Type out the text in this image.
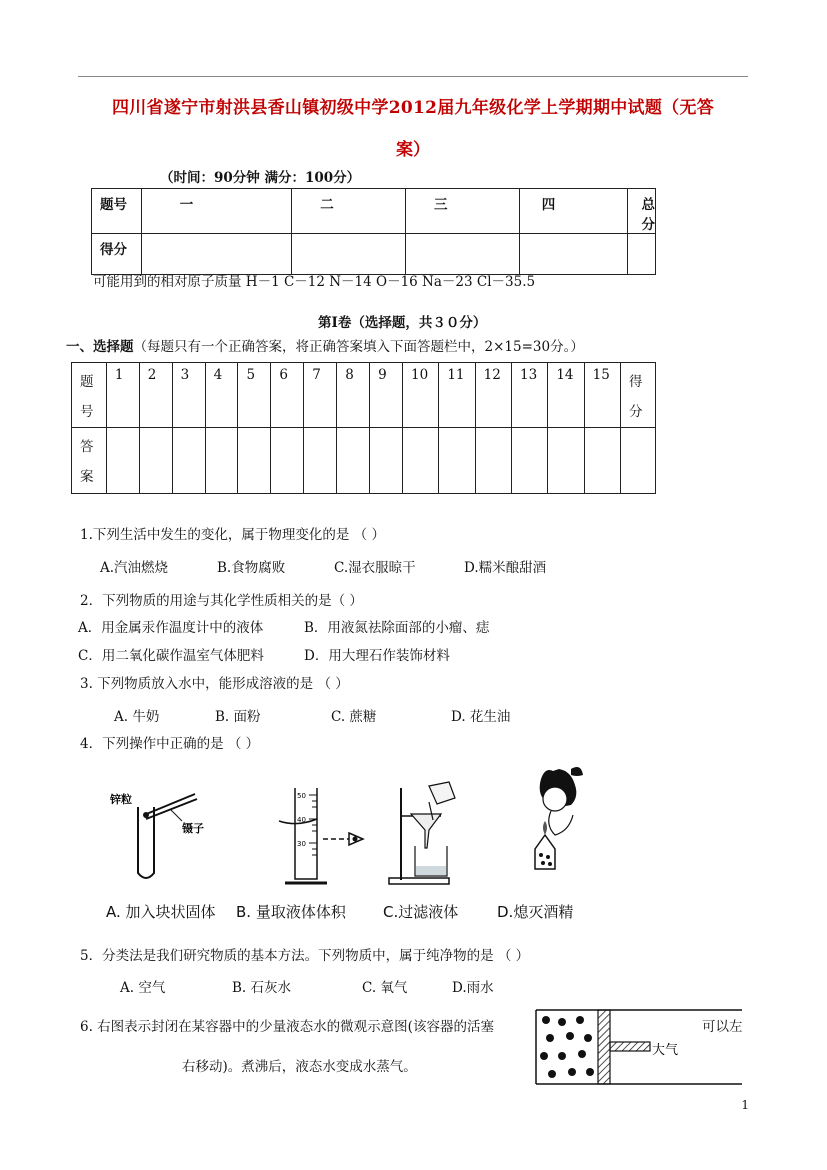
四川省遂宁市射洪县香山镇初级中学2012届九年级化学上学期期中试题（无答
案）
（时间：90分钟 满分：100分）
题号	一	二	三	四	总分
得分					
可能用到的相对原子质量 H－1 C－12 N－14 O－16 Na－23 Cl－35.5
第Ⅰ卷（选择题，共３０分）
一、选择题（每题只有一个正确答案，将正确答案填入下面答题栏中，2×15=30分。）
题
号	1	2	3	4	5	6	7	8	9	10	11	12	13	14	15	得
分
答
案																
1.下列生活中发生的变化，属于物理变化的是 （ ）
A.汽油燃烧	B.食物腐败	C.湿衣服晾干	D.糯米酿甜酒
2．下列物质的用途与其化学性质相关的是（ ）
A．用金属汞作温度计中的液体	B．用液氮祛除面部的小瘤、痣
C．用二氧化碳作温室气体肥料	D．用大理石作装饰材料
3. 下列物质放入水中，能形成溶液的是 （ ）
A. 牛奶	B. 面粉	C. 蔗糖	D. 花生油
4．下列操作中正确的是 （ ）
锌粒
镊子
50
40
30
A. 加入块状固体 B. 量取液体体积 C.过滤液体	D.熄灭酒精
5．分类法是我们研究物质的基本方法。下列物质中，属于纯净物的是 （ ）
A. 空气	B. 石灰水	C. 氧气	D.雨水
6. 右图表示封闭在某容器中的少量液态水的微观示意图(该容器的活塞	可以左
右移动)。煮沸后，液态水变成水蒸气。
大气
1
